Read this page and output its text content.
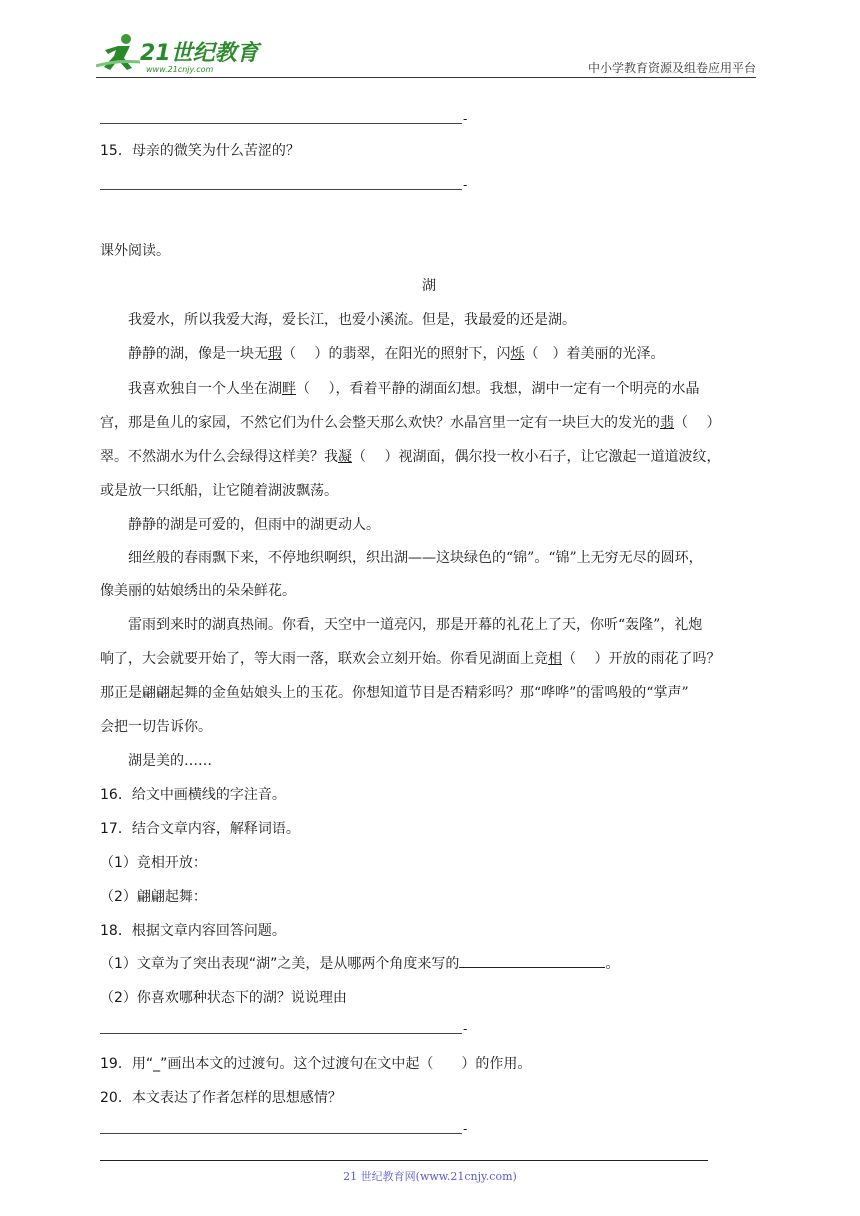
21世纪教育
www.21cnjy.com	中小学教育资源及组卷应用平台
-
15．母亲的微笑为什么苦涩的？
-
课外阅读。
湖
我爱水，所以我爱大海，爱长江，也爱小溪流。但是，我最爱的还是湖。
静静的湖，像是一块无瑕（　 ）的翡翠，在阳光的照射下，闪烁（　）着美丽的光泽。
我喜欢独自一个人坐在湖畔（　 ），看着平静的湖面幻想。我想，湖中一定有一个明亮的水晶
宫，那是鱼儿的家园，不然它们为什么会整天那么欢快？水晶宫里一定有一块巨大的发光的翡（　 ）
翠。不然湖水为什么会绿得这样美？我凝（　 ）视湖面，偶尔投一枚小石子，让它激起一道道波纹，
或是放一只纸船，让它随着湖波飘荡。
静静的湖是可爱的，但雨中的湖更动人。
细丝般的春雨飘下来，不停地织啊织，织出湖——这块绿色的“锦”。“锦”上无穷无尽的圆环，
像美丽的姑娘绣出的朵朵鲜花。
雷雨到来时的湖真热闹。你看，天空中一道亮闪，那是开幕的礼花上了天，你听“轰隆”，礼炮
响了，大会就要开始了，等大雨一落，联欢会立刻开始。你看见湖面上竞相（　 ）开放的雨花了吗？
那正是翩翩起舞的金鱼姑娘头上的玉花。你想知道节目是否精彩吗？那“哗哗”的雷鸣般的“掌声”
会把一切告诉你。
湖是美的……
16．给文中画横线的字注音。
17．结合文章内容，解释词语。
（1）竞相开放：
（2）翩翩起舞：
18．根据文章内容回答问题。
（1）文章为了突出表现“湖”之美，是从哪两个角度来写的	。
（2）你喜欢哪种状态下的湖？说说理由
-
19．用“_”画出本文的过渡句。这个过渡句在文中起（　　）的作用。
20．本文表达了作者怎样的思想感情？
-
21 世纪教育网(www.21cnjy.com)
